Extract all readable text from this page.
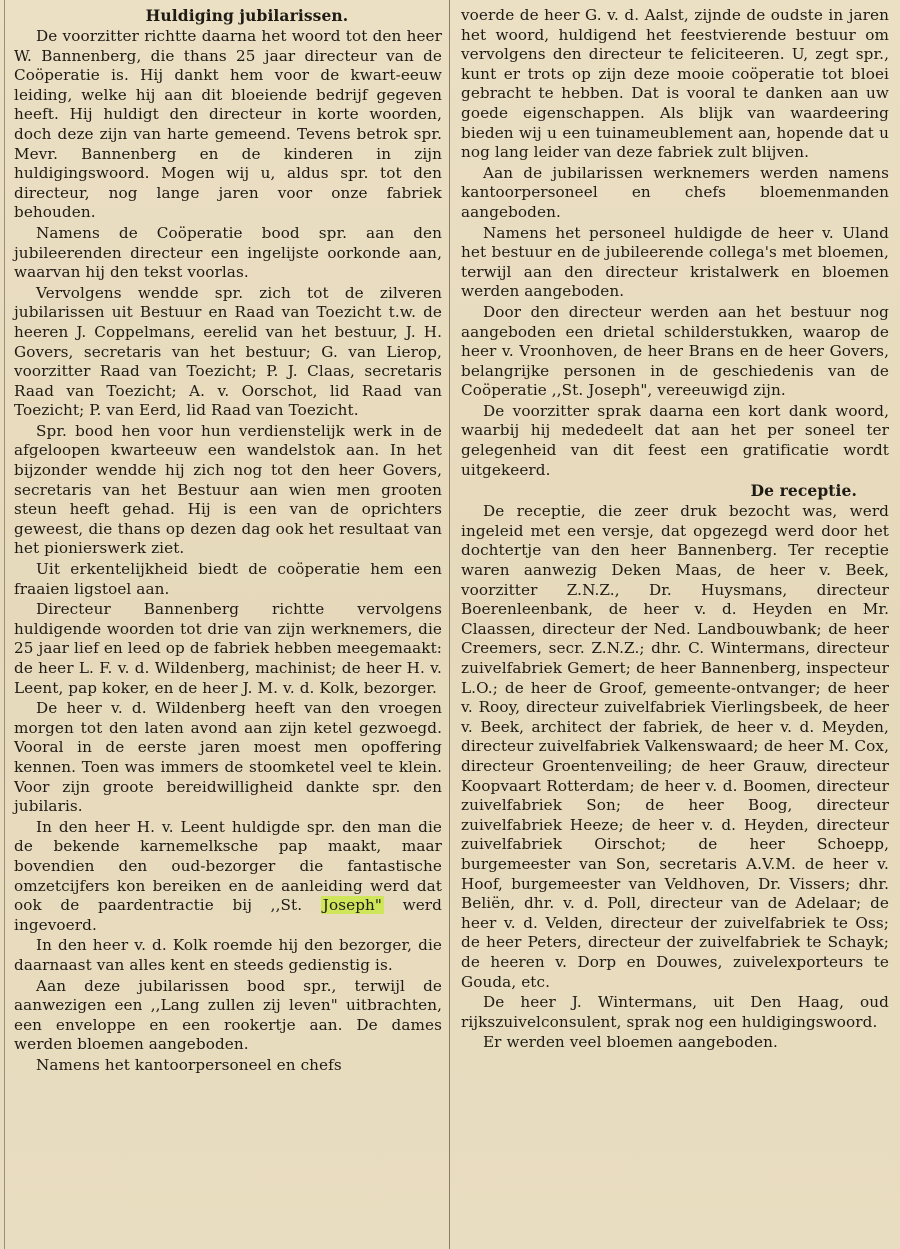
Huldiging jubilarissen.

De voorzitter richtte daarna het woord tot den heer W. Bannenberg, die thans 25 jaar directeur van de Coöperatie is. Hij dankt hem voor de kwart-eeuw leiding, welke hij aan dit bloeiende bedrijf gegeven heeft. Hij huldigt den directeur in korte woorden, doch deze zijn van harte gemeend. Tevens betrok spr. Mevr. Bannenberg en de kinderen in zijn huldigingswoord. Mogen wij u, aldus spr. tot den directeur, nog lange jaren voor onze fabriek behouden.

Namens de Coöperatie bood spr. aan den jubileerenden directeur een ingelijste oorkonde aan, waarvan hij den tekst voorlas.

Vervolgens wendde spr. zich tot de zilveren jubilarissen uit Bestuur en Raad van Toezicht t.w. de heeren J. Coppelmans, eerelid van het bestuur, J. H. Govers, secretaris van het bestuur; G. van Lierop, voorzitter Raad van Toezicht; P. J. Claas, secretaris Raad van Toezicht; A. v. Oorschot, lid Raad van Toezicht; P. van Eerd, lid Raad van Toezicht.

Spr. bood hen voor hun verdienstelijk werk in de afgeloopen kwarteeuw een wandelstok aan. In het bijzonder wendde hij zich nog tot den heer Govers, secretaris van het Bestuur aan wien men grooten steun heeft gehad. Hij is een van de oprichters geweest, die thans op dezen dag ook het resultaat van het pionierswerk ziet.

Uit erkentelijkheid biedt de coöperatie hem een fraaien ligstoel aan.

Directeur Bannenberg richtte vervolgens huldigende woorden tot drie van zijn werknemers, die 25 jaar lief en leed op de fabriek hebben meegemaakt: de heer L. F. v. d. Wildenberg, machinist; de heer H. v. Leent, pap koker, en de heer J. M. v. d. Kolk, bezorger.

De heer v. d. Wildenberg heeft van den vroegen morgen tot den laten avond aan zijn ketel gezwoegd. Vooral in de eerste jaren moest men opoffering kennen. Toen was immers de stoomketel veel te klein. Voor zijn groote bereidwilligheid dankte spr. den jubilaris.

In den heer H. v. Leent huldigde spr. den man die de bekende karnemelksche pap maakt, maar bovendien den oud-bezorger die fantastische omzetcijfers kon bereiken en de aanleiding werd dat ook de paardentractie bij ,,St. Joseph" werd ingevoerd.

In den heer v. d. Kolk roemde hij den bezorger, die daarnaast van alles kent en steeds gedienstig is.

Aan deze jubilarissen bood spr., terwijl de aanwezigen een ,,Lang zullen zij leven" uitbrachten, een enveloppe en een rookertje aan. De dames werden bloemen aangeboden.

Namens het kantoorpersoneel en chefs

voerde de heer G. v. d. Aalst, zijnde de oudste in jaren het woord, huldigend het feestvierende bestuur om vervolgens den directeur te feliciteeren. U, zegt spr., kunt er trots op zijn deze mooie coöperatie tot bloei gebracht te hebben. Dat is vooral te danken aan uw goede eigenschappen. Als blijk van waardeering bieden wij u een tuinameublement aan, hopende dat u nog lang leider van deze fabriek zult blijven.

Aan de jubilarissen werknemers werden namens kantoorpersoneel en chefs bloemenmanden aangeboden.

Namens het personeel huldigde de heer v. Uland het bestuur en de jubileerende collega's met bloemen, terwijl aan den directeur kristalwerk en bloemen werden aangeboden.

Door den directeur werden aan het bestuur nog aangeboden een drietal schilderstukken, waarop de heer v. Vroonhoven, de heer Brans en de heer Govers, belangrijke personen in de geschiedenis van de Coöperatie ,,St. Joseph", vereeuwigd zijn.

De voorzitter sprak daarna een kort dank woord, waarbij hij mededeelt dat aan het per soneel ter gelegenheid van dit feest een gratificatie wordt uitgekeerd.

De receptie.

De receptie, die zeer druk bezocht was, werd ingeleid met een versje, dat opgezegd werd door het dochtertje van den heer Bannenberg. Ter receptie waren aanwezig Deken Maas, de heer v. Beek, voorzitter Z.N.Z., Dr. Huysmans, directeur Boerenleenbank, de heer v. d. Heyden en Mr. Claassen, directeur der Ned. Landbouwbank; de heer Creemers, secr. Z.N.Z.; dhr. C. Wintermans, directeur zuivelfabriek Gemert; de heer Bannenberg, inspecteur L.O.; de heer de Groof, gemeente-ontvanger; de heer v. Rooy, directeur zuivelfabriek Vierlingsbeek, de heer v. Beek, architect der fabriek, de heer v. d. Meyden, directeur zuivelfabriek Valkenswaard; de heer M. Cox, directeur Groentenveiling; de heer Grauw, directeur Koopvaart Rotterdam; de heer v. d. Boomen, directeur zuivelfabriek Son; de heer Boog, directeur zuivelfabriek Heeze; de heer v. d. Heyden, directeur zuivelfabriek Oirschot; de heer Schoepp, burgemeester van Son, secretaris A.V.M. de heer v. Hoof, burgemeester van Veldhoven, Dr. Vissers; dhr. Beliën, dhr. v. d. Poll, directeur van de Adelaar; de heer v. d. Velden, directeur der zuivelfabriek te Oss; de heer Peters, directeur der zuivelfabriek te Schayk; de heeren v. Dorp en Douwes, zuivelexporteurs te Gouda, etc.

De heer J. Wintermans, uit Den Haag, oud rijkszuivelconsulent, sprak nog een huldigingswoord.

Er werden veel bloemen aangeboden.
